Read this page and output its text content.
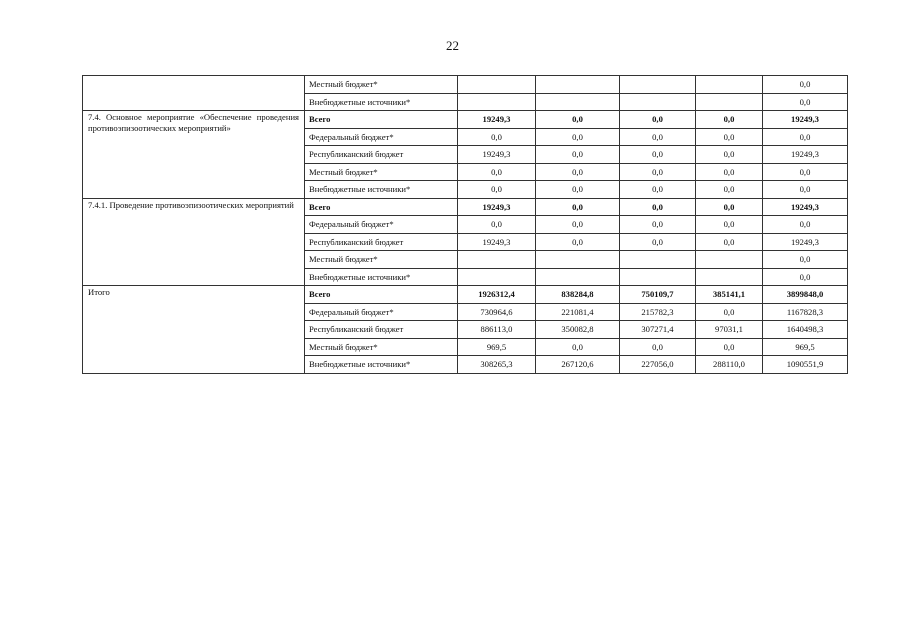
22
	Местный бюджет*					0,0
	Внебюджетные источники*					0,0
7.4. Основное мероприятие «Обеспечение проведения противоэпизоотических мероприятий»	Всего	19249,3	0,0	0,0	0,0	19249,3
	Федеральный бюджет*	0,0	0,0	0,0	0,0	0,0
	Республиканский бюджет	19249,3	0,0	0,0	0,0	19249,3
	Местный бюджет*	0,0	0,0	0,0	0,0	0,0
	Внебюджетные источники*	0,0	0,0	0,0	0,0	0,0
7.4.1. Проведение противоэпизоотических мероприятий	Всего	19249,3	0,0	0,0	0,0	19249,3
	Федеральный бюджет*	0,0	0,0	0,0	0,0	0,0
	Республиканский бюджет	19249,3	0,0	0,0	0,0	19249,3
	Местный бюджет*					0,0
	Внебюджетные источники*					0,0
Итого	Всего	1926312,4	838284,8	750109,7	385141,1	3899848,0
	Федеральный бюджет*	730964,6	221081,4	215782,3	0,0	1167828,3
	Республиканский бюджет	886113,0	350082,8	307271,4	97031,1	1640498,3
	Местный бюджет*	969,5	0,0	0,0	0,0	969,5
	Внебюджетные источники*	308265,3	267120,6	227056,0	288110,0	1090551,9
